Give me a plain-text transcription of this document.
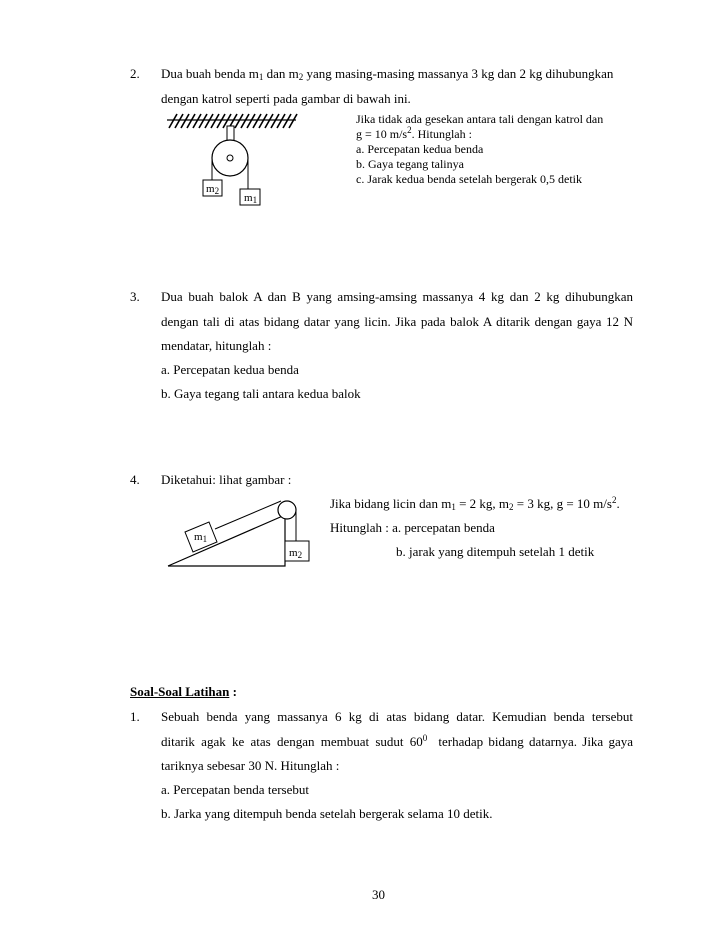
2. Dua buah benda $m_1$ dan $m_2$ yang masing-masing massanya 3 kg dan 2 kg dihubungkan
dengan katrol seperti pada gambar di bawah ini.
Jika tidak ada gesekan antara tali dengan katrol dan
g = 10 $m/s^2$. Hitunglah :
a. Percepatan kedua benda
b. Gaya tegang talinya
c. Jarak kedua benda setelah bergerak 0,5 detik
$m_2$
$m_1$
3. Dua buah balok A dan B yang amsing-amsing massanya 4 kg dan 2 kg dihubungkan
dengan tali di atas bidang datar yang licin. Jika pada balok A ditarik dengan gaya 12 N
mendatar, hitunglah :
a. Percepatan kedua benda
b. Gaya tegang tali antara kedua balok
4. Diketahui: lihat gambar :
Jika bidang licin dan $m_1 = 2$ kg, $m_2 = 3$ kg, g = 10 $m/s^2$.
Hitunglah : a. percepatan benda
b. jarak yang ditempuh setelah 1 detik
$m_1$
$m_2$
Soal-Soal Latihan :
1. Sebuah benda yang massanya 6 kg di atas bidang datar. Kemudian benda tersebut
ditarik agak ke atas dengan membuat sudut $60^0$ terhadap bidang datarnya. Jika gaya
tariknya sebesar 30 N. Hitunglah :
a. Percepatan benda tersebut
b. Jarka yang ditempuh benda setelah bergerak selama 10 detik.
30
